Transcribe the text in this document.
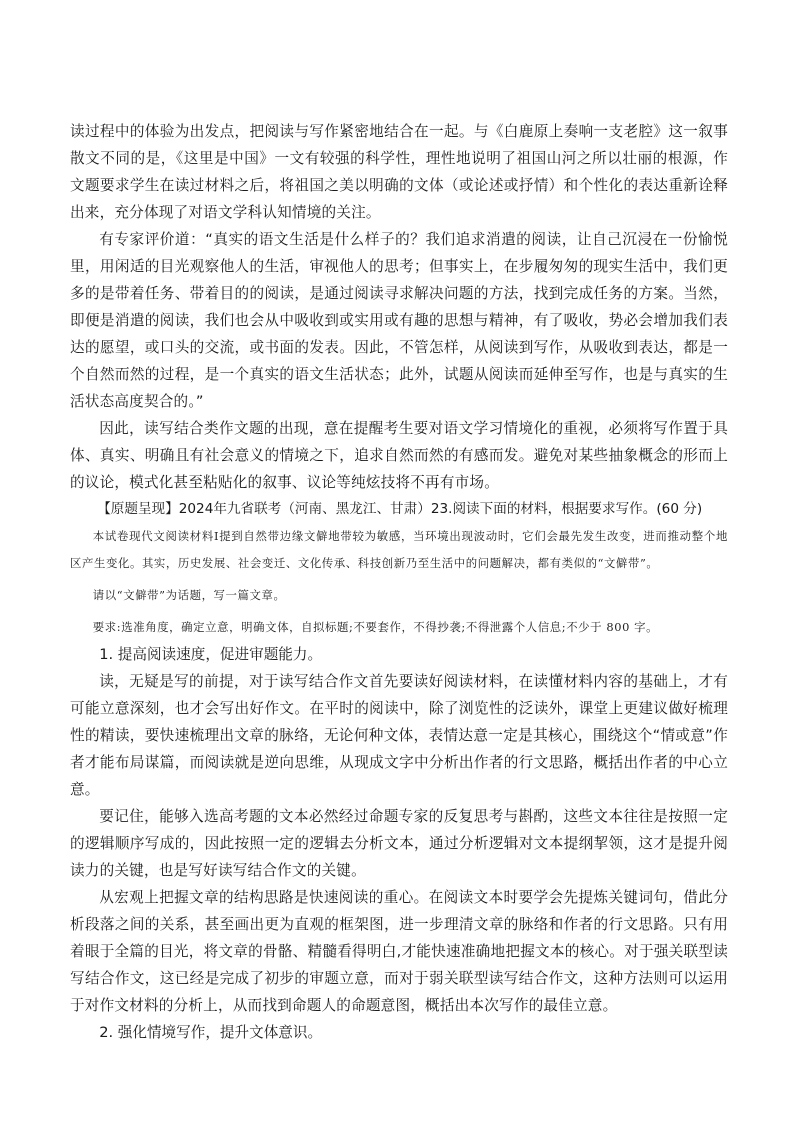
读过程中的体验为出发点，把阅读与写作紧密地结合在一起。与《白鹿原上奏响一支老腔》这一叙事散文不同的是，《这里是中国》一文有较强的科学性，理性地说明了祖国山河之所以壮丽的根源，作文题要求学生在读过材料之后，将祖国之美以明确的文体（或论述或抒情）和个性化的表达重新诠释出来，充分体现了对语文学科认知情境的关注。

有专家评价道：“真实的语文生活是什么样子的？我们追求消遣的阅读，让自己沉浸在一份愉悦里，用闲适的目光观察他人的生活，审视他人的思考；但事实上，在步履匆匆的现实生活中，我们更多的是带着任务、带着目的的阅读，是通过阅读寻求解决问题的方法，找到完成任务的方案。当然，即便是消遣的阅读，我们也会从中吸收到或实用或有趣的思想与精神，有了吸收，势必会增加我们表达的愿望，或口头的交流，或书面的发表。因此，不管怎样，从阅读到写作，从吸收到表达，都是一个自然而然的过程，是一个真实的语文生活状态；此外，试题从阅读而延伸至写作，也是与真实的生活状态高度契合的。”

因此，读写结合类作文题的出现，意在提醒考生要对语文学习情境化的重视，必须将写作置于具体、真实、明确且有社会意义的情境之下，追求自然而然的有感而发。避免对某些抽象概念的形而上的议论，模式化甚至粘贴化的叙事、议论等纯炫技将不再有市场。

【原题呈现】2024年九省联考（河南、黑龙江、甘肃）23.阅读下面的材料，根据要求写作。(60 分)

本试卷现代文阅读材料Ⅰ提到自然带边缘文僻地带较为敏感，当环境出现波动时，它们会最先发生改变，进而推动整个地区产生变化。其实，历史发展、社会变迁、文化传承、科技创新乃至生活中的问题解决，都有类似的“文僻带”。

请以“文僻带”为话题，写一篇文章。

要求:选准角度，确定立意，明确文体，自拟标题;不要套作，不得抄袭;不得泄露个人信息;不少于 800 字。

1. 提高阅读速度，促进审题能力。

读，无疑是写的前提，对于读写结合作文首先要读好阅读材料，在读懂材料内容的基础上，才有可能立意深刻，也才会写出好作文。在平时的阅读中，除了浏览性的泛读外，课堂上更建议做好梳理性的精读，要快速梳理出文章的脉络，无论何种文体，表情达意一定是其核心，围绕这个“情或意”作者才能布局谋篇，而阅读就是逆向思维，从现成文字中分析出作者的行文思路，概括出作者的中心立意。

要记住，能够入选高考题的文本必然经过命题专家的反复思考与斟酌，这些文本往往是按照一定的逻辑顺序写成的，因此按照一定的逻辑去分析文本，通过分析逻辑对文本提纲挈领，这才是提升阅读力的关键，也是写好读写结合作文的关键。

从宏观上把握文章的结构思路是快速阅读的重心。在阅读文本时要学会先提炼关键词句，借此分析段落之间的关系，甚至画出更为直观的框架图，进一步理清文章的脉络和作者的行文思路。只有用着眼于全篇的目光，将文章的骨骼、精髓看得明白,才能快速准确地把握文本的核心。对于强关联型读写结合作文，这已经是完成了初步的审题立意，而对于弱关联型读写结合作文，这种方法则可以运用于对作文材料的分析上，从而找到命题人的命题意图，概括出本次写作的最佳立意。

2. 强化情境写作，提升文体意识。
